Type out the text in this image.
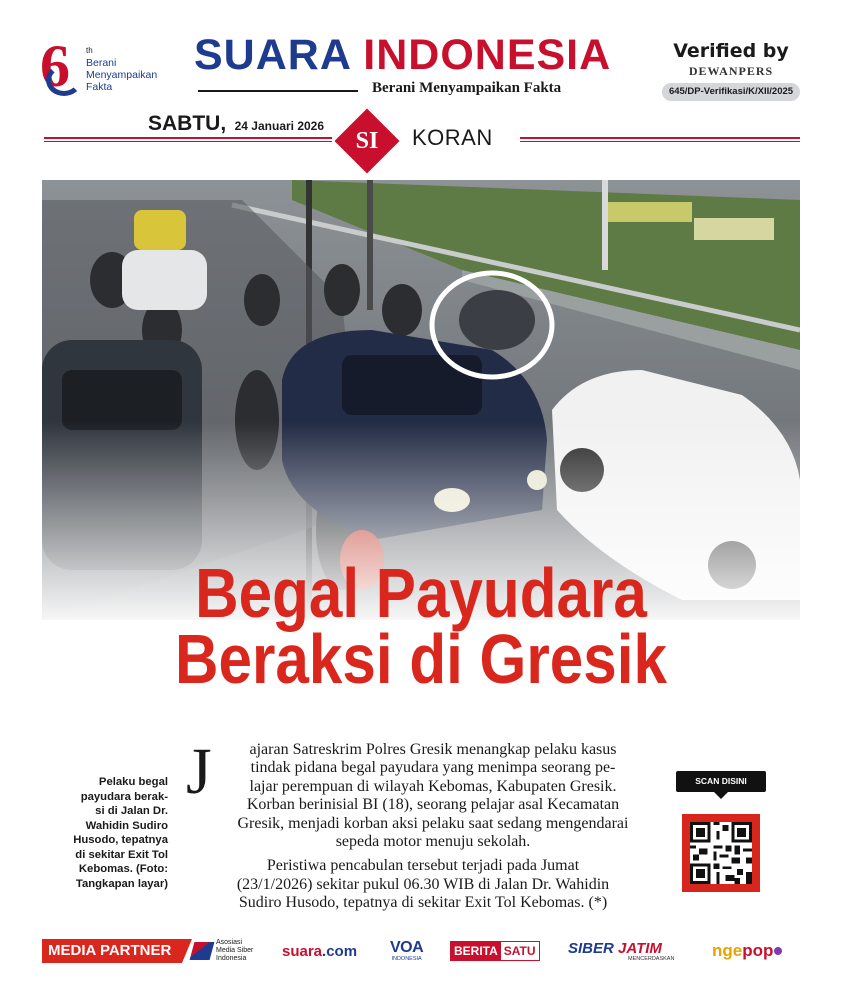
6 th
Berani
Menyampaikan
Fakta
SUARA INDONESIA
Berani Menyampaikan Fakta
Verified by
DEWANPERS
645/DP-Verifikasi/K/XII/2025
SABTU, 24 Januari 2026
SI	KORAN
Begal Payudara
Beraksi di Gresik
Pelaku begal
payudara berak-
si di Jalan Dr.
Wahidin Sudiro
Husodo, tepatnya
di sekitar Exit Tol
Kebomas. (Foto:
Tangkapan layar)
J	ajaran Satreskrim Polres Gresik menangkap pelaku kasus
tindak pidana begal payudara yang menimpa seorang pe-
lajar perempuan di wilayah Kebomas, Kabupaten Gresik.
Korban berinisial BI (18), seorang pelajar asal Kecamatan
Gresik, menjadi korban aksi pelaku saat sedang mengendarai
sepeda motor menuju sekolah.

Peristiwa pencabulan tersebut terjadi pada Jumat
(23/1/2026) sekitar pukul 06.30 WIB di Jalan Dr. Wahidin
Sudiro Husodo, tepatnya di sekitar Exit Tol Kebomas. (*)

SCAN DISINI
MEDIA PARTNER	Asosiasi
Media Siber
Indonesia	suara .com VOA
INDONESIA
BERITA SATU SIBER JATIM
MENCERDASKAN nge pop
